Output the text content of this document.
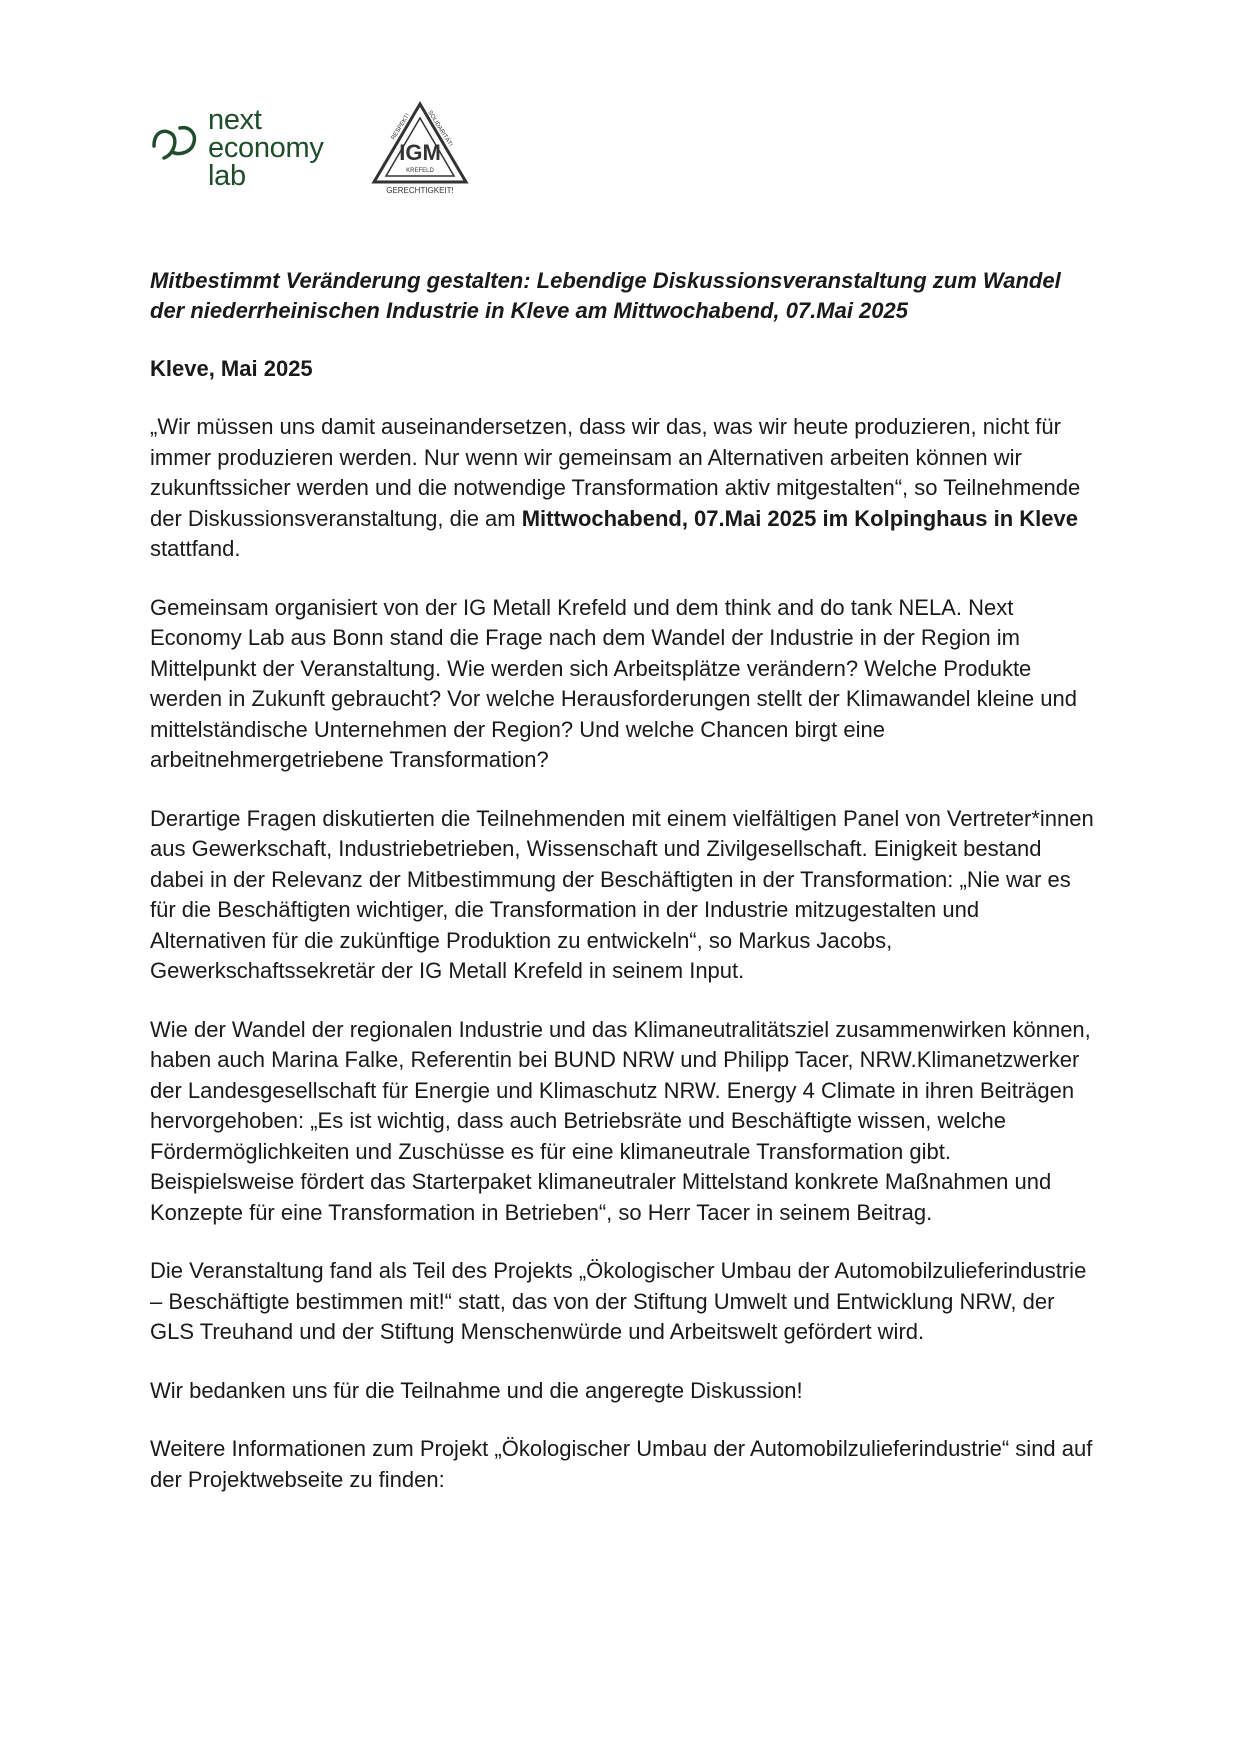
next
economy
lab
IGM
KREFELD
RESPEKT! SOLIDARITÄT!
GERECHTIGKEIT!

Mitbestimmt Veränderung gestalten: Lebendige Diskussionsveranstaltung zum Wandel der niederrheinischen Industrie in Kleve am Mittwochabend, 07.Mai 2025

Kleve, Mai 2025

„Wir müssen uns damit auseinandersetzen, dass wir das, was wir heute produzieren, nicht für immer produzieren werden. Nur wenn wir gemeinsam an Alternativen arbeiten können wir zukunftssicher werden und die notwendige Transformation aktiv mitgestalten“, so Teilnehmende der Diskussionsveranstaltung, die am Mittwochabend, 07.Mai 2025 im Kolpinghaus in Kleve stattfand.

Gemeinsam organisiert von der IG Metall Krefeld und dem think and do tank NELA. Next Economy Lab aus Bonn stand die Frage nach dem Wandel der Industrie in der Region im Mittelpunkt der Veranstaltung. Wie werden sich Arbeitsplätze verändern? Welche Produkte werden in Zukunft gebraucht? Vor welche Herausforderungen stellt der Klimawandel kleine und mittelständische Unternehmen der Region? Und welche Chancen birgt eine arbeitnehmergetriebene Transformation?

Derartige Fragen diskutierten die Teilnehmenden mit einem vielfältigen Panel von Vertreter*innen aus Gewerkschaft, Industriebetrieben, Wissenschaft und Zivilgesellschaft. Einigkeit bestand dabei in der Relevanz der Mitbestimmung der Beschäftigten in der Transformation: „Nie war es für die Beschäftigten wichtiger, die Transformation in der Industrie mitzugestalten und Alternativen für die zukünftige Produktion zu entwickeln“, so Markus Jacobs, Gewerkschaftssekretär der IG Metall Krefeld in seinem Input.

Wie der Wandel der regionalen Industrie und das Klimaneutralitätsziel zusammenwirken können, haben auch Marina Falke, Referentin bei BUND NRW und Philipp Tacer, NRW.Klimanetzwerker der Landesgesellschaft für Energie und Klimaschutz NRW. Energy 4 Climate in ihren Beiträgen hervorgehoben: „Es ist wichtig, dass auch Betriebsräte und Beschäftigte wissen, welche Fördermöglichkeiten und Zuschüsse es für eine klimaneutrale Transformation gibt. Beispielsweise fördert das Starterpaket klimaneutraler Mittelstand konkrete Maßnahmen und Konzepte für eine Transformation in Betrieben“, so Herr Tacer in seinem Beitrag.

Die Veranstaltung fand als Teil des Projekts „Ökologischer Umbau der Automobilzulieferindustrie – Beschäftigte bestimmen mit!“ statt, das von der Stiftung Umwelt und Entwicklung NRW, der GLS Treuhand und der Stiftung Menschenwürde und Arbeitswelt gefördert wird.

Wir bedanken uns für die Teilnahme und die angeregte Diskussion!

Weitere Informationen zum Projekt „Ökologischer Umbau der Automobilzulieferindustrie“ sind auf der Projektwebseite zu finden:
